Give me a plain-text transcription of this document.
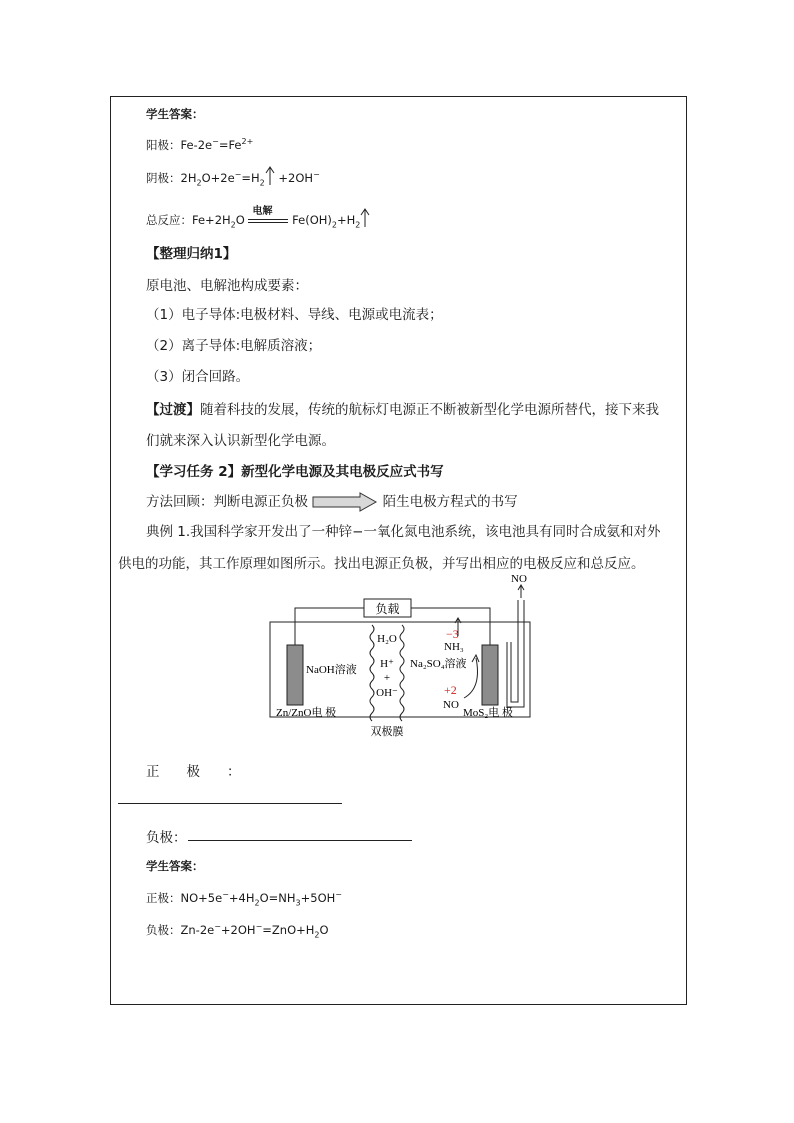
学生答案：
阳极：$Fe-2e^-=Fe^{2+}$
阴极：$2H_2O+2e^-=H_2 +2OH^-$
总反应：$Fe+2H_2O$
电解
$Fe(OH)_2+H_2$
【整理归纳1】
原电池、电解池构成要素：
（1）电子导体:电极材料、导线、电源或电流表；
（2）离子导体:电解质溶液；
（3）闭合回路。
【过渡】随着科技的发展，传统的航标灯电源正不断被新型化学电源所替代，接下来我
们就来深入认识新型化学电源。
【学习任务 2】新型化学电源及其电极反应式书写
方法回顾：判断电源正负极	陌生电极方程式的书写
典例 1.我国科学家开发出了一种锌−一氧化氮电池系统，该电池具有同时合成氨和对外
供电的功能，其工作原理如图所示。找出电源正负极，并写出相应的电极反应和总反应。
负载
NO
NaOH溶液
H₂O
H⁺
+
OH⁻
Na₂SO₄溶液
−3
NH₃
+2
NO
Zn/ZnO电 极	MoS₂电 极
双极膜
正　　极　　：
负极：
学生答案：
正极：$NO+5e^-+4H_2O=NH_3+5OH^-$
负极：$Zn-2e^-+2OH^-=ZnO+H_2O$
